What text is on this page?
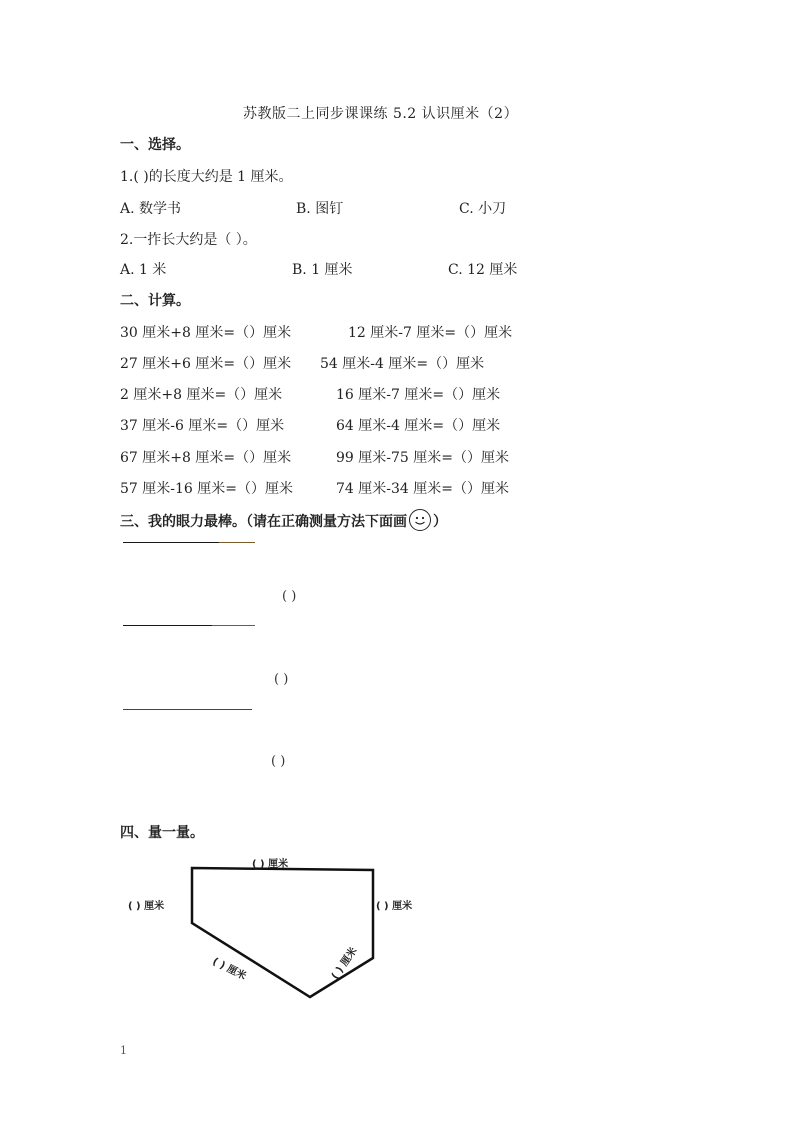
苏教版二上同步课课练 5.2 认识厘米（2）
一、选择。
1.( )的长度大约是 1 厘米。
A. 数学书	B. 图钉	C. 小刀
2.一拃长大约是（ ）。
A. 1 米	B. 1 厘米	C. 12 厘米
二、计算。
30 厘米+8 厘米=（）厘米	12 厘米-7 厘米=（）厘米
27 厘米+6 厘米=（）厘米 54 厘米-4 厘米=（）厘米
2 厘米+8 厘米=（）厘米	16 厘米-7 厘米=（）厘米
37 厘米-6 厘米=（）厘米	64 厘米-4 厘米=（）厘米
67 厘米+8 厘米=（）厘米	99 厘米-75 厘米=（）厘米
57 厘米-16 厘米=（）厘米	74 厘米-34 厘米=（）厘米
三、我的眼力最棒。（请在正确测量方法下面画 ）
( )
( )
( )
四、量一量。
( ) 厘米
( ) 厘米	( ) 厘米
( ) 厘米	( ) 厘米
1
